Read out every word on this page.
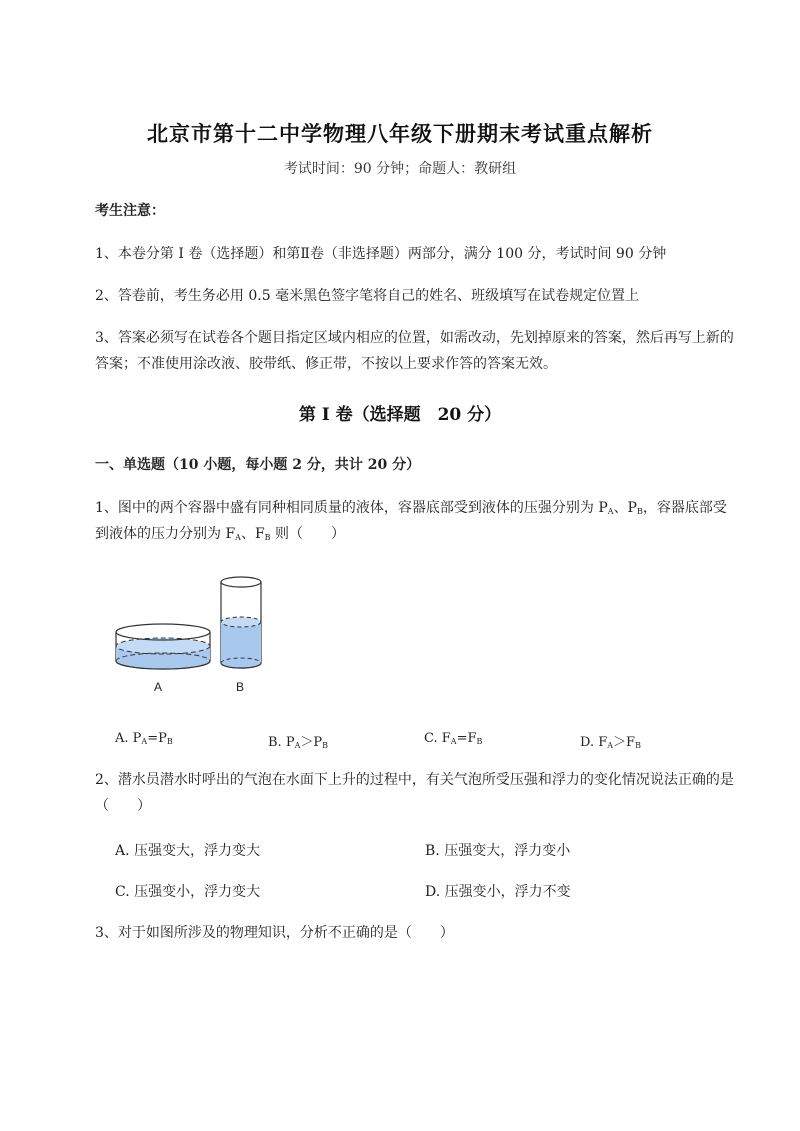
北京市第十二中学物理八年级下册期末考试重点解析
考试时间：90 分钟；命题人：教研组
考生注意：
1、本卷分第 I 卷（选择题）和第Ⅱ卷（非选择题）两部分，满分 100 分，考试时间 90 分钟
2、答卷前，考生务必用 0.5 毫米黑色签字笔将自己的姓名、班级填写在试卷规定位置上
3、答案必须写在试卷各个题目指定区域内相应的位置，如需改动，先划掉原来的答案，然后再写上新的答案；不准使用涂改液、胶带纸、修正带，不按以上要求作答的答案无效。
第 I 卷（选择题　20 分）
一、单选题（10 小题，每小题 2 分，共计 20 分）
1、图中的两个容器中盛有同种相同质量的液体，容器底部受到液体的压强分别为 $P_A$、$P_B$，容器底部受
到液体的压力分别为 $F_A$、$F_B$ 则（　　）
A	B
A. $P_A=P_B$	B. $P_A>P_B$	C. $F_A=F_B$	D. $F_A>F_B$
2、潜水员潜水时呼出的气泡在水面下上升的过程中，有关气泡所受压强和浮力的变化情况说法正确的是（　　）
A. 压强变大，浮力变大	B. 压强变大，浮力变小
C. 压强变小，浮力变大	D. 压强变小，浮力不变
3、对于如图所涉及的物理知识，分析不正确的是（　　）
